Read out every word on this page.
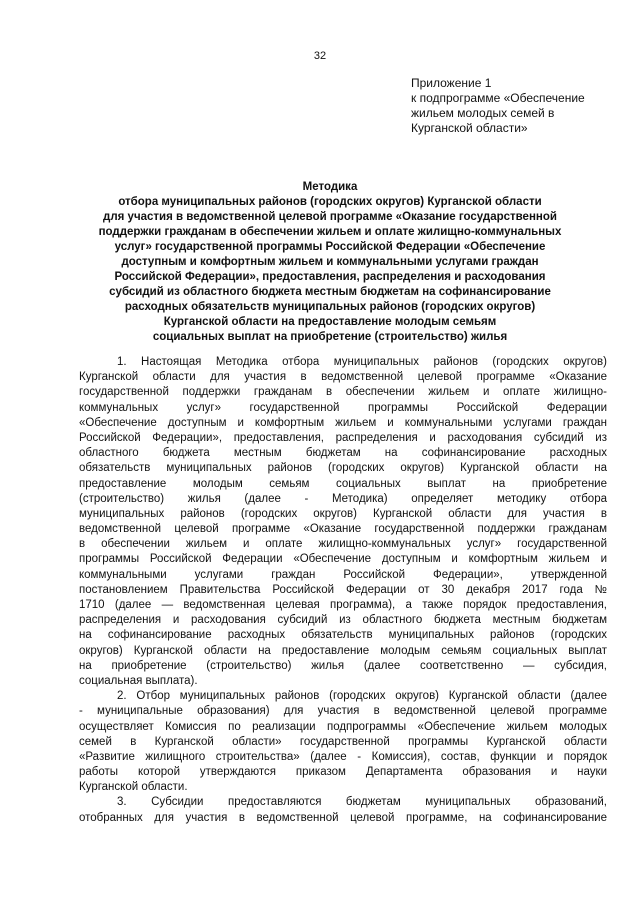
32
Приложение 1
к подпрограмме «Обеспечение
жильем молодых семей в
Курганской области»
Методика
отбора муниципальных районов (городских округов) Курганской области
для участия в ведомственной целевой программе «Оказание государственной
поддержки гражданам в обеспечении жильем и оплате жилищно-коммунальных
услуг» государственной программы Российской Федерации «Обеспечение
доступным и комфортным жильем и коммунальными услугами граждан
Российской Федерации», предоставления, распределения и расходования
субсидий из областного бюджета местным бюджетам на софинансирование
расходных обязательств муниципальных районов (городских округов)
Курганской области на предоставление молодым семьям
социальных выплат на приобретение (строительство) жилья
1. Настоящая Методика отбора муниципальных районов (городских округов)
Курганской области для участия в ведомственной целевой программе «Оказание
государственной поддержки гражданам в обеспечении жильем и оплате жилищно-
коммунальных услуг» государственной программы Российской Федерации
«Обеспечение доступным и комфортным жильем и коммунальными услугами граждан
Российской Федерации», предоставления, распределения и расходования субсидий из
областного бюджета местным бюджетам на софинансирование расходных
обязательств муниципальных районов (городских округов) Курганской области на
предоставление молодым семьям социальных выплат на приобретение
(строительство) жилья (далее - Методика) определяет методику отбора
муниципальных районов (городских округов) Курганской области для участия в
ведомственной целевой программе «Оказание государственной поддержки гражданам
в обеспечении жильем и оплате жилищно-коммунальных услуг» государственной
программы Российской Федерации «Обеспечение доступным и комфортным жильем и
коммунальными услугами граждан Российской Федерации», утвержденной
постановлением Правительства Российской Федерации от 30 декабря 2017 года №
1710 (далее — ведомственная целевая программа), а также порядок предоставления,
распределения и расходования субсидий из областного бюджета местным бюджетам
на софинансирование расходных обязательств муниципальных районов (городских
округов) Курганской области на предоставление молодым семьям социальных выплат
на приобретение (строительство) жилья (далее соответственно — субсидия,
социальная выплата).
2. Отбор муниципальных районов (городских округов) Курганской области (далее
- муниципальные образования) для участия в ведомственной целевой программе
осуществляет Комиссия по реализации подпрограммы «Обеспечение жильем молодых
семей в Курганской области» государственной программы Курганской области
«Развитие жилищного строительства» (далее - Комиссия), состав, функции и порядок
работы которой утверждаются приказом Департамента образования и науки
Курганской области.
3. Субсидии предоставляются бюджетам муниципальных образований,
отобранных для участия в ведомственной целевой программе, на софинансирование
